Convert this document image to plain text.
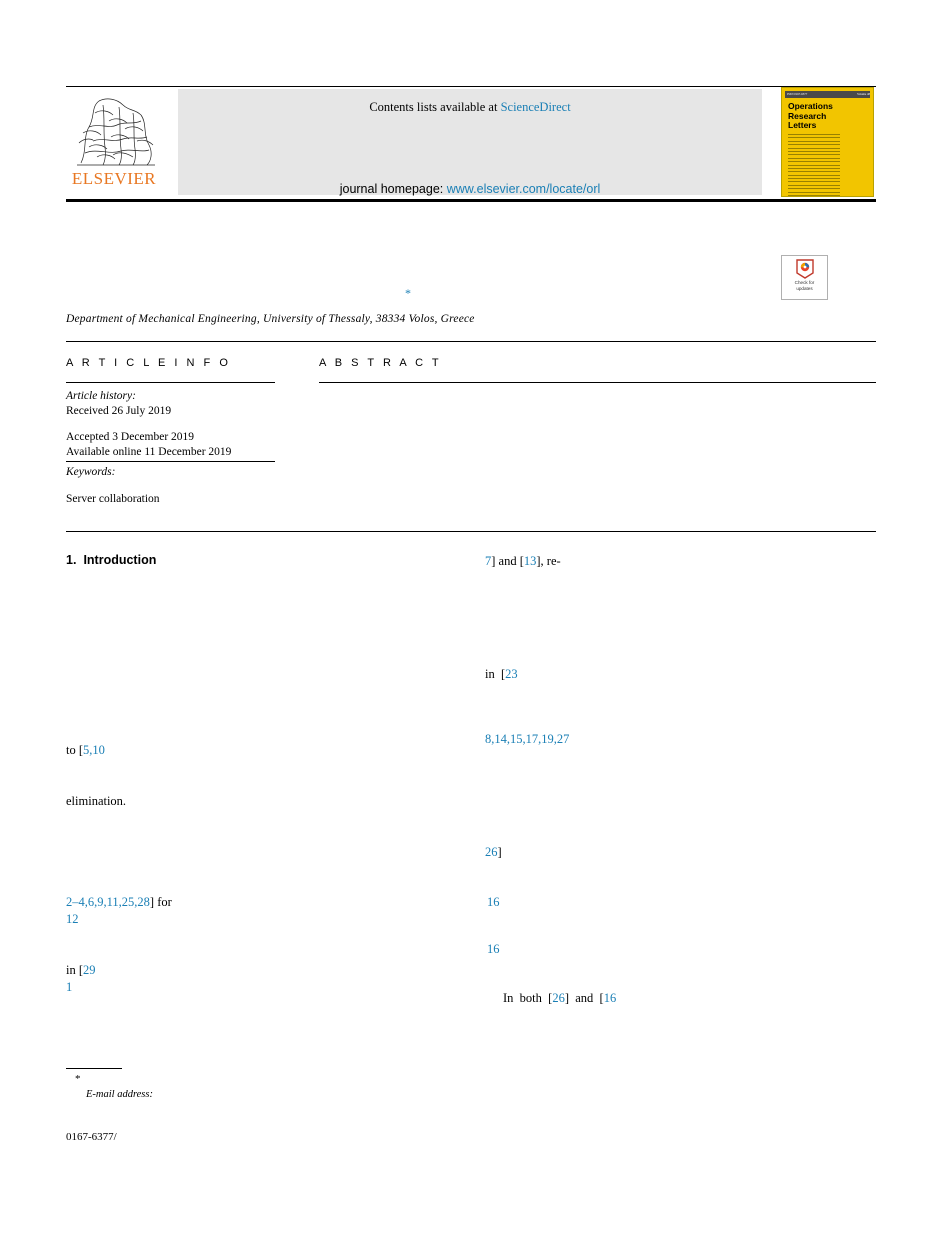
ELSEVIER
Contents lists available at ScienceDirect
journal homepage: www.elsevier.com/locate/orl
ISSN 0167-6377	Volume 48
Operations
Research
Letters
Check for
updates
*
Department of Mechanical Engineering, University of Thessaly, 38334 Volos, Greece
A R T I C L E I N F O	A B S T R A C T
Article history:
Received 26 July 2019
Accepted 3 December 2019
Available online 11 December 2019
Keywords:
Server collaboration
1. Introduction
to [5,10
elimination.
2–4,6,9,11,25,28] for
12
in [29
1
7] and [13], re-
in  [23
8,14,15,17,19,27
26]
16
16
In  both  [26]  and  [16
*
E-mail address:
0167-6377/
